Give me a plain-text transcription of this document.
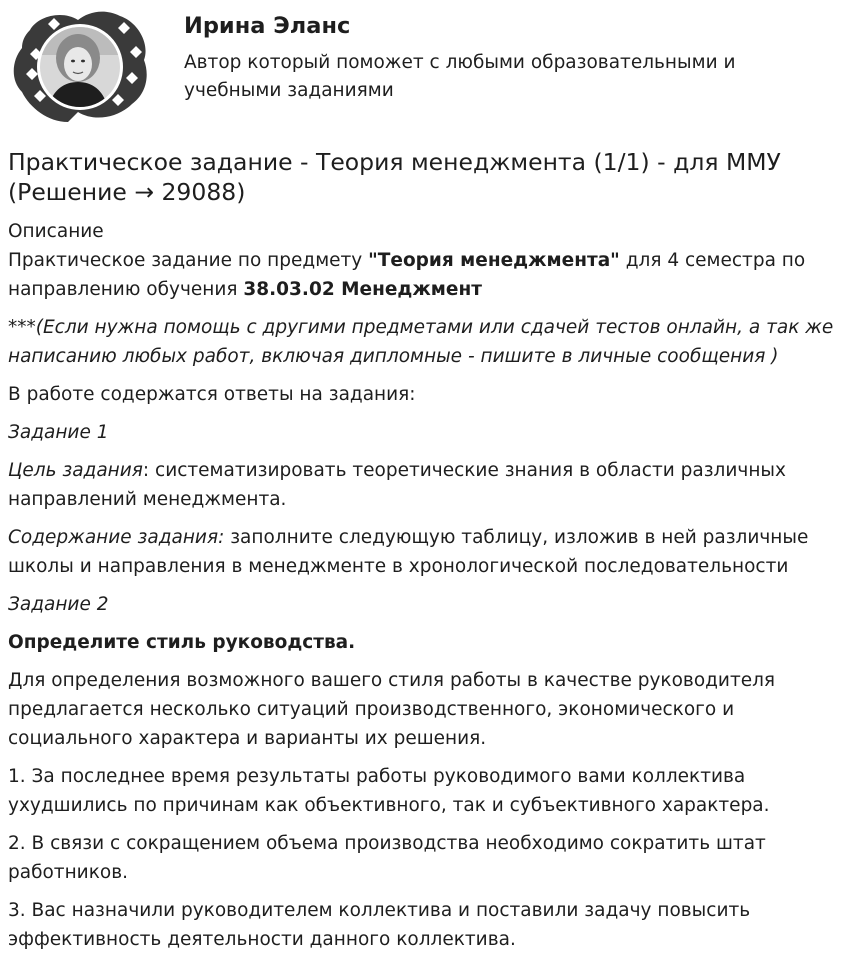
Ирина Эланс

Автор который поможет с любыми образовательными и учебными заданиями

Практическое задание - Теория менеджмента (1/1) - для ММУ (Решение → 29088)
Описание

Практическое задание по предмету "Теория менеджмента" для 4 семестра по направлению обучения 38.03.02 Менеджмент

***(Если нужна помощь с другими предметами или сдачей тестов онлайн, а так же написанию любых работ, включая дипломные - пишите в личные сообщения )

В работе содержатся ответы на задания:

Задание 1

Цель задания: систематизировать теоретические знания в области различных направлений менеджмента.

Содержание задания: заполните следующую таблицу, изложив в ней различные школы и направления в менеджменте в хронологической последовательности

Задание 2

Определите стиль руководства.

Для определения возможного вашего стиля работы в качестве руководителя предлагается несколько ситуаций производственного, экономического и социального характера и варианты их решения.

1. За последнее время результаты работы руководимого вами коллектива ухудшились по причинам как объективного, так и субъективного характера.

2. В связи с сокращением объема производства необходимо сократить штат работников.

3. Вас назначили руководителем коллектива и поставили задачу повысить эффективность деятельности данного коллектива.
